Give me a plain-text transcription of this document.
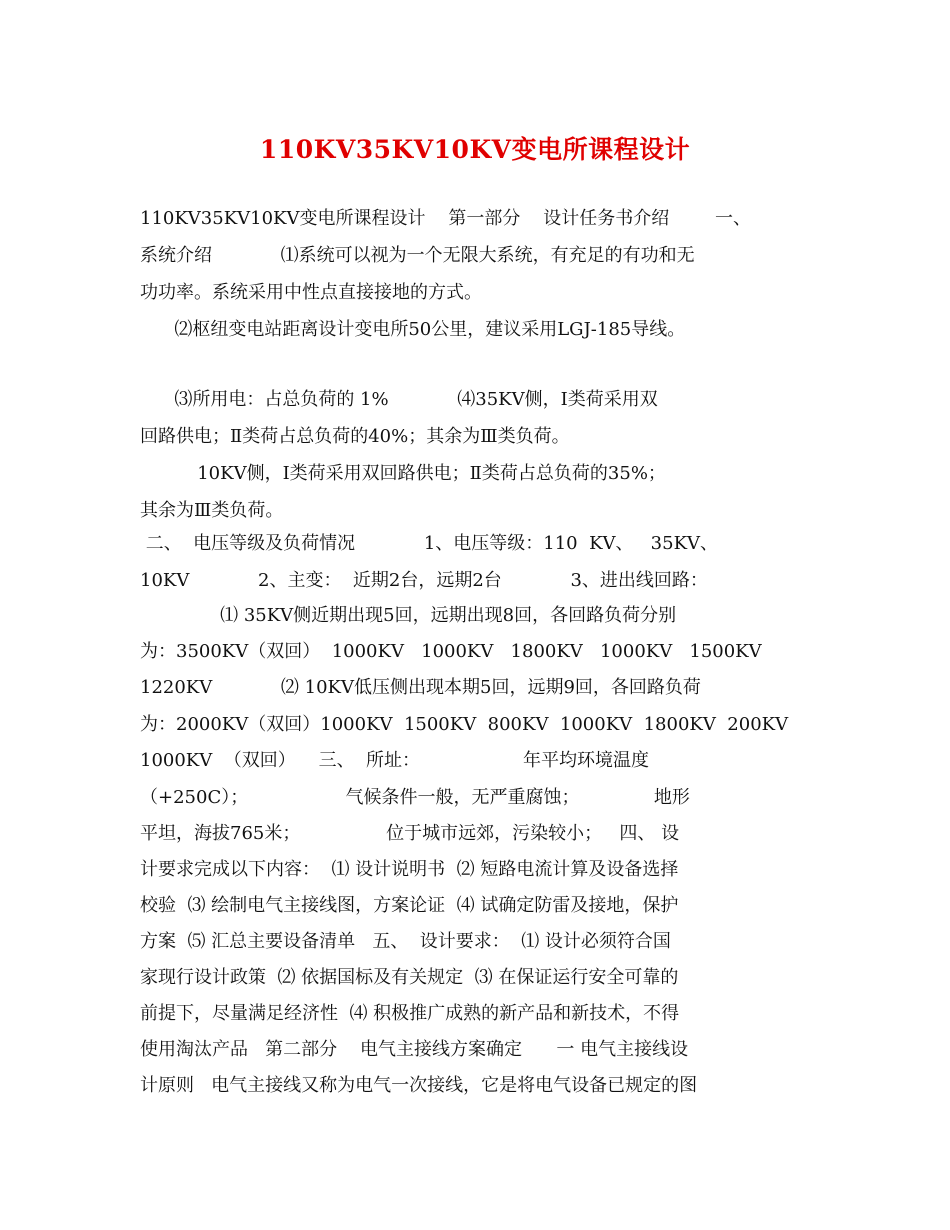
110KV35KV10KV变电所课程设计
110KV35KV10KV变电所课程设计    第一部分    设计任务书介绍        一、
系统介绍            ⑴系统可以视为一个无限大系统，有充足的有功和无
功功率。系统采用中性点直接接地的方式。
⑵枢纽变电站距离设计变电所50公里，建议采用LGJ-185导线。
⑶所用电：占总负荷的 1%            ⑷35KV侧，Ⅰ类荷采用双
回路供电；Ⅱ类荷占总负荷的40%；其余为Ⅲ类负荷。
10KV侧，Ⅰ类荷采用双回路供电；Ⅱ类荷占总负荷的35%；
其余为Ⅲ类负荷。
二、  电压等级及负荷情况            1、电压等级：110  KV、   35KV、
10KV            2、主变：  近期2台，远期2台            3、进出线回路：
⑴ 35KV侧近期出现5回，远期出现8回，各回路负荷分别
为：3500KV（双回）  1000KV   1000KV   1800KV   1000KV   1500KV
1220KV            ⑵ 10KV低压侧出现本期5回，远期9回，各回路负荷
为：2000KV（双回）1000KV  1500KV  800KV  1000KV  1800KV  200KV
1000KV  （双回）    三、  所址：                  年平均环境温度
（+250C）；                 气候条件一般，无严重腐蚀；             地形
平坦，海拔765米；               位于城市远郊，污染较小；   四、 设
计要求完成以下内容：  ⑴ 设计说明书  ⑵ 短路电流计算及设备选择
校验  ⑶ 绘制电气主接线图，方案论证  ⑷ 试确定防雷及接地，保护
方案  ⑸ 汇总主要设备清单   五、  设计要求：  ⑴ 设计必须符合国
家现行设计政策  ⑵ 依据国标及有关规定  ⑶ 在保证运行安全可靠的
前提下，尽量满足经济性  ⑷ 积极推广成熟的新产品和新技术，不得
使用淘汰产品   第二部分    电气主接线方案确定      一 电气主接线设
计原则   电气主接线又称为电气一次接线，它是将电气设备已规定的图
